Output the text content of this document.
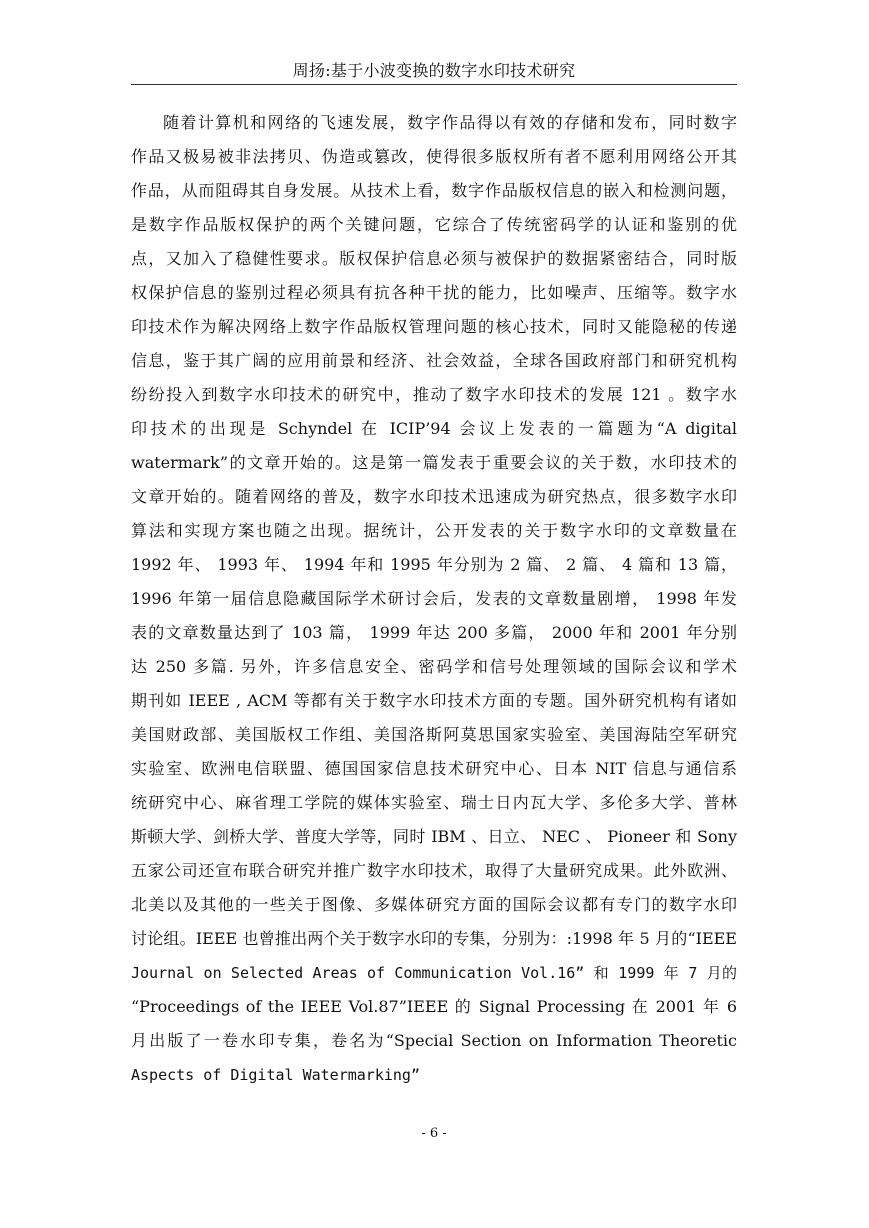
周扬:基于小波变换的数字水印技术研究
随着计算机和网络的飞速发展，数字作品得以有效的存储和发布，同时数字
作品又极易被非法拷贝、伪造或篡改，使得很多版权所有者不愿利用网络公开其
作品，从而阻碍其自身发展。从技术上看，数字作品版权信息的嵌入和检测问题，
是数字作品版权保护的两个关键问题，它综合了传统密码学的认证和鉴别的优
点，又加入了稳健性要求。版权保护信息必须与被保护的数据紧密结合，同时版
权保护信息的鉴别过程必须具有抗各种干扰的能力，比如噪声、压缩等。数字水
印技术作为解决网络上数字作品版权管理问题的核心技术，同时又能隐秘的传递
信息，鉴于其广阔的应用前景和经济、社会效益，全球各国政府部门和研究机构
纷纷投入到数字水印技术的研究中，推动了数字水印技术的发展 121 。数字水
印技术的出现是 Schyndel 在 ICIP’94 会议上发表的一篇题为“A digital
watermark”的文章开始的。这是第一篇发表于重要会议的关于数，水印技术的
文章开始的。随着网络的普及，数字水印技术迅速成为研究热点，很多数字水印
算法和实现方案也随之出现。据统计，公开发表的关于数字水印的文章数量在
1992 年、 1993 年、 1994 年和 1995 年分别为 2 篇、 2 篇、 4 篇和 13 篇，
1996 年第一届信息隐藏国际学术研讨会后，发表的文章数量剧增， 1998 年发
表的文章数量达到了 103 篇， 1999 年达 200 多篇， 2000 年和 2001 年分别
达 250 多篇. 另外，许多信息安全、密码学和信号处理领域的国际会议和学术
期刊如 IEEE , ACM 等都有关于数字水印技术方面的专题。国外研究机构有诸如
美国财政部、美国版权工作组、美国洛斯阿莫思国家实验室、美国海陆空军研究
实验室、欧洲电信联盟、德国国家信息技术研究中心、日本 NIT 信息与通信系
统研究中心、麻省理工学院的媒体实验室、瑞士日内瓦大学、多伦多大学、普林
斯顿大学、剑桥大学、普度大学等，同时 IBM 、日立、 NEC 、 Pioneer 和 Sony
五家公司还宣布联合研究并推广数字水印技术，取得了大量研究成果。此外欧洲、
北美以及其他的一些关于图像、多媒体研究方面的国际会议都有专门的数字水印
讨论组。IEEE 也曾推出两个关于数字水印的专集，分别为：:1998 年 5 月的“IEEE
Journal on Selected Areas of Communication Vol.16” 和 1999 年 7 月的
“Proceedings of the IEEE Vol.87”IEEE 的 Signal Processing 在 2001 年 6
月出版了一卷水印专集，卷名为“Special Section on Information Theoretic
Aspects of Digital Watermarking”
- 6 -
